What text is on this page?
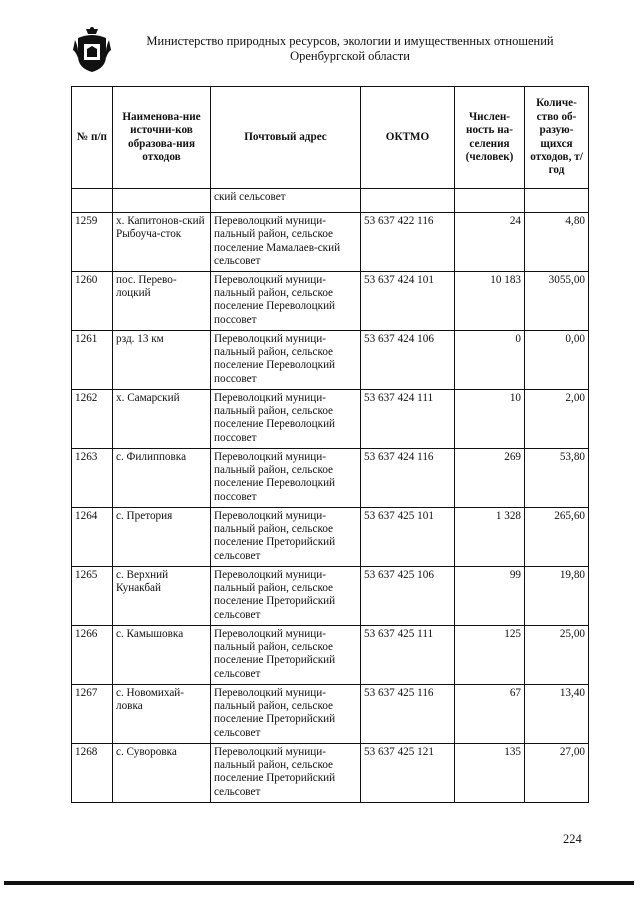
Министерство природных ресурсов, экологии и имущественных отношений
Оренбургской области
№ п/п	Наименова-ние источни-ков образова-ния отходов	Почтовый адрес	ОКТМО	Числен-ность на-селения (человек)	Количе-ство об-разую-щихся отходов, т/год
		ский сельсовет			
1259	х. Капитонов-ский Рыбоуча-сток	Переволоцкий муници-пальный район, сельское поселение Мамалаев-ский сельсовет	53 637 422 116	24	4,80
1260	пос. Перево-лоцкий	Переволоцкий муници-пальный район, сельское поселение Переволоцкий поссовет	53 637 424 101	10 183	3055,00
1261	рзд. 13 км	Переволоцкий муници-пальный район, сельское поселение Переволоцкий поссовет	53 637 424 106	0	0,00
1262	х. Самарский	Переволоцкий муници-пальный район, сельское поселение Переволоцкий поссовет	53 637 424 111	10	2,00
1263	с. Филипповка	Переволоцкий муници-пальный район, сельское поселение Переволоцкий поссовет	53 637 424 116	269	53,80
1264	с. Претория	Переволоцкий муници-пальный район, сельское поселение Преторийский сельсовет	53 637 425 101	1 328	265,60
1265	с. Верхний Кунакбай	Переволоцкий муници-пальный район, сельское поселение Преторийский сельсовет	53 637 425 106	99	19,80
1266	с. Камышовка	Переволоцкий муници-пальный район, сельское поселение Преторийский сельсовет	53 637 425 111	125	25,00
1267	с. Новомихай-ловка	Переволоцкий муници-пальный район, сельское поселение Преторийский сельсовет	53 637 425 116	67	13,40
1268	с. Суворовка	Переволоцкий муници-пальный район, сельское поселение Преторийский сельсовет	53 637 425 121	135	27,00
224
